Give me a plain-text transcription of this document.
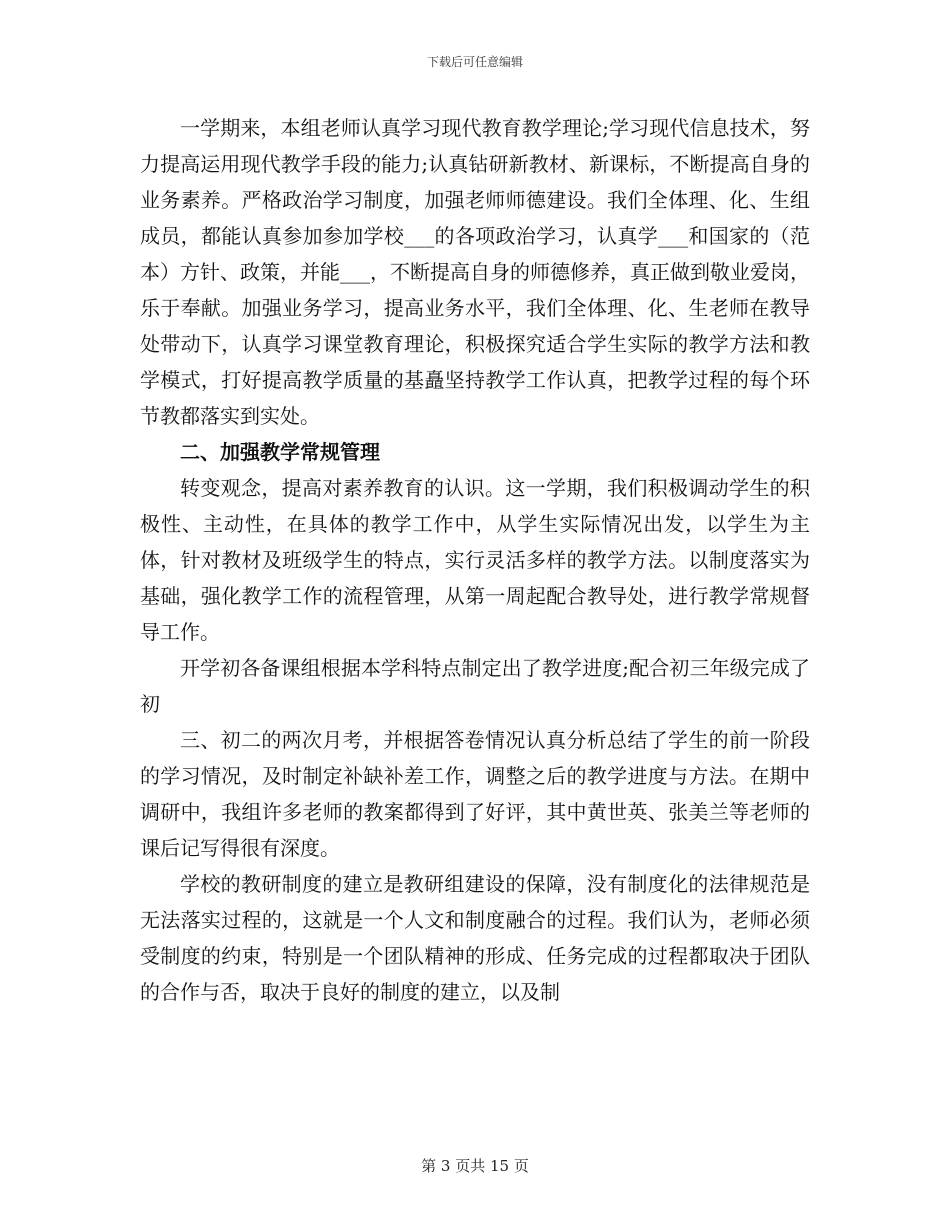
下载后可任意编辑

一学期来，本组老师认真学习现代教育教学理论;学习现代信息技术，努力提高运用现代教学手段的能力;认真钻研新教材、新课标，不断提高自身的业务素养。严格政治学习制度，加强老师师德建设。我们全体理、化、生组成员，都能认真参加参加学校___的各项政治学习，认真学___和国家的（范本）方针、政策，并能___，不断提高自身的师德修养，真正做到敬业爱岗，乐于奉献。加强业务学习，提高业务水平，我们全体理、化、生老师在教导处带动下，认真学习课堂教育理论，积极探究适合学生实际的教学方法和教学模式，打好提高教学质量的基矗坚持教学工作认真，把教学过程的每个环节教都落实到实处。

二、加强教学常规管理

转变观念，提高对素养教育的认识。这一学期，我们积极调动学生的积极性、主动性，在具体的教学工作中，从学生实际情况出发，以学生为主体，针对教材及班级学生的特点，实行灵活多样的教学方法。以制度落实为基础，强化教学工作的流程管理，从第一周起配合教导处，进行教学常规督导工作。

开学初各备课组根据本学科特点制定出了教学进度;配合初三年级完成了初

三、初二的两次月考，并根据答卷情况认真分析总结了学生的前一阶段的学习情况，及时制定补缺补差工作，调整之后的教学进度与方法。在期中调研中，我组许多老师的教案都得到了好评，其中黄世英、张美兰等老师的课后记写得很有深度。

学校的教研制度的建立是教研组建设的保障，没有制度化的法律规范是无法落实过程的，这就是一个人文和制度融合的过程。我们认为，老师必须受制度的约束，特别是一个团队精神的形成、任务完成的过程都取决于团队的合作与否，取决于良好的制度的建立，以及制

第 3 页共 15 页
